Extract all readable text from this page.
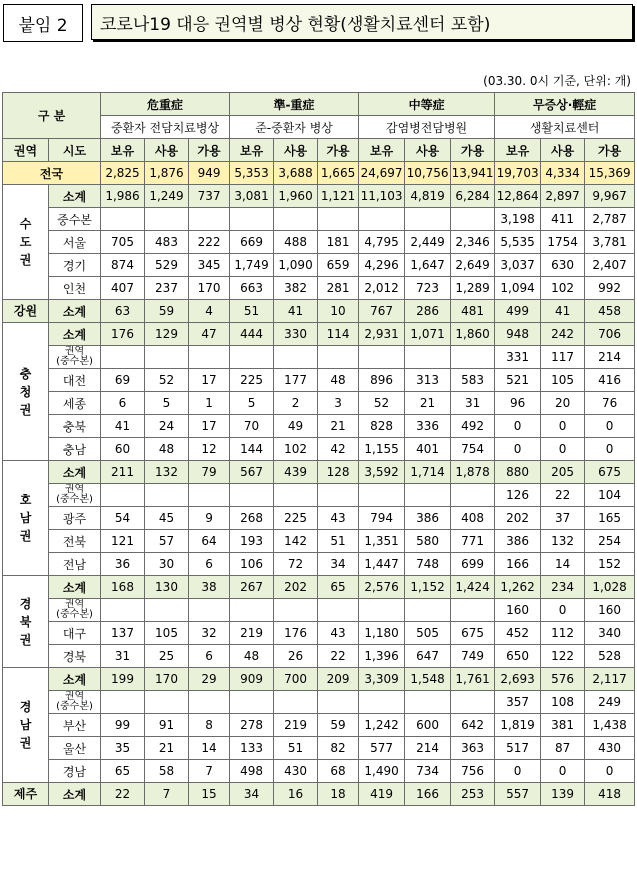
붙임 2	코로나19 대응 권역별 병상 현황(생활치료센터 포함)
(03.30. 0시 기준, 단위: 개)
구 분		危重症			準-重症			中等症			무증상·輕症		
		중환자 전담치료병상			준-중환자 병상			감염병전담병원			생활치료센터		
권역	시도	보유	사용	가용	보유	사용	가용	보유	사용	가용	보유	사용	가용
전국		2,825	1,876	949	5,353	3,688	1,665	24,697	10,756	13,941	19,703	4,334	15,369
수
도
권	소계	1,986	1,249	737	3,081	1,960	1,121	11,103	4,819	6,284	12,864	2,897	9,967
	중수본										3,198	411	2,787
	서울	705	483	222	669	488	181	4,795	2,449	2,346	5,535	1754	3,781
	경기	874	529	345	1,749	1,090	659	4,296	1,647	2,649	3,037	630	2,407
	인천	407	237	170	663	382	281	2,012	723	1,289	1,094	102	992
강원	소계	63	59	4	51	41	10	767	286	481	499	41	458
충
청
권	소계	176	129	47	444	330	114	2,931	1,071	1,860	948	242	706
	권역
(중수본)										331	117	214
	대전	69	52	17	225	177	48	896	313	583	521	105	416
	세종	6	5	1	5	2	3	52	21	31	96	20	76
	충북	41	24	17	70	49	21	828	336	492	0	0	0
	충남	60	48	12	144	102	42	1,155	401	754	0	0	0
호
남
권	소계	211	132	79	567	439	128	3,592	1,714	1,878	880	205	675
	권역
(중수본)										126	22	104
	광주	54	45	9	268	225	43	794	386	408	202	37	165
	전북	121	57	64	193	142	51	1,351	580	771	386	132	254
	전남	36	30	6	106	72	34	1,447	748	699	166	14	152
경
북
권	소계	168	130	38	267	202	65	2,576	1,152	1,424	1,262	234	1,028
	권역
(중수본)										160	0	160
	대구	137	105	32	219	176	43	1,180	505	675	452	112	340
	경북	31	25	6	48	26	22	1,396	647	749	650	122	528
경
남
권	소계	199	170	29	909	700	209	3,309	1,548	1,761	2,693	576	2,117
	권역
(중수본)										357	108	249
	부산	99	91	8	278	219	59	1,242	600	642	1,819	381	1,438
	울산	35	21	14	133	51	82	577	214	363	517	87	430
	경남	65	58	7	498	430	68	1,490	734	756	0	0	0
제주	소계	22	7	15	34	16	18	419	166	253	557	139	418
